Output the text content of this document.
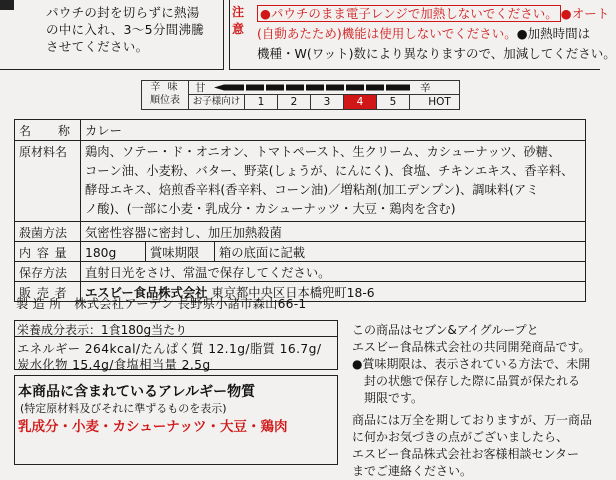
パウチの封を切らずに熱湯
の中に入れ、3～5分間沸騰
させてください。
注
意
●パウチのまま電子レンジで加熱しないでください。 ●オート
(自動あたため)機能は使用しないでください。●加熱時間は
機種・W(ワット)数により異なりますので、加減してください。
辛 味
順位表
甘	辛
お子様向け	1	2	3	4	5	HOT
名　　称	カレー
原材料名	鶏肉、ソテー・ド・オニオン、トマトペースト、生クリーム、カシューナッツ、砂糖、
コーン油、小麦粉、バター、野菜(しょうが、にんにく)、食塩、チキンエキス、香辛料、
酵母エキス、焙煎香辛料(香辛料、コーン油)／増粘剤(加工デンプン)、調味料(アミ
ノ酸)、(一部に小麦・乳成分・カシューナッツ・大豆・鶏肉を含む)
殺菌方法	気密性容器に密封し、加圧加熱殺菌
内 容 量	180g	賞味期限	箱の底面に記載
保存方法	直射日光をさけ、常温で保存してください。
販 売 者	エスビー食品株式会社 東京都中央区日本橋兜町18-6
製 造 所　株式会社アーデン 長野県小諸市森山66-1
栄養成分表示：1食180g当たり
エネルギー 264kcal/たんぱく質 12.1g/脂質 16.7g/
炭水化物 15.4g/食塩相当量 2.5g
本商品に含まれているアレルギー物質
(特定原材料及びそれに準ずるものを表示)
乳成分・小麦・カシューナッツ・大豆・鶏肉
この商品はセブン&アイグループと
エスビー食品株式会社の共同開発商品です。
●賞味期限は、表示されている方法で、未開
　封の状態で保存した際に品質が保たれる
　期限です。
商品には万全を期しておりますが、万一商品
に何かお気づきの点がございましたら、
エスビー食品株式会社お客様相談センター
までご連絡ください。
